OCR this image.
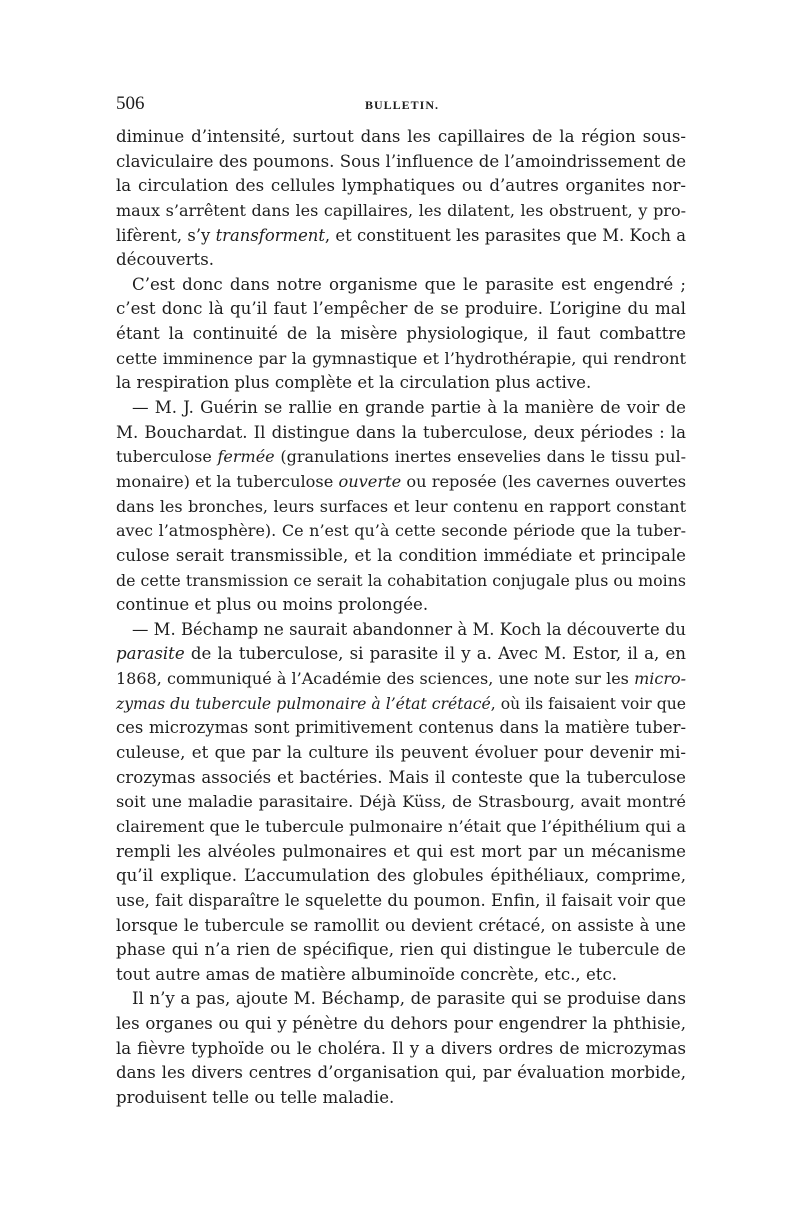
506	BULLETIN.
diminue d’intensité, surtout dans les capillaires de la région sous-
claviculaire des poumons. Sous l’influence de l’amoindrissement de
la circulation des cellules lymphatiques ou d’autres organites nor-
maux s’arrêtent dans les capillaires, les dilatent, les obstruent, y pro-
lifèrent, s’y transforment, et constituent les parasites que M. Koch a
découverts.
C’est donc dans notre organisme que le parasite est engendré ;
c’est donc là qu’il faut l’empêcher de se produire. L’origine du mal
étant la continuité de la misère physiologique, il faut combattre
cette imminence par la gymnastique et l’hydrothérapie, qui rendront
la respiration plus complète et la circulation plus active.
— M. J. Guérin se rallie en grande partie à la manière de voir de
M. Bouchardat. Il distingue dans la tuberculose, deux périodes : la
tuberculose fermée (granulations inertes ensevelies dans le tissu pul-
monaire) et la tuberculose ouverte ou reposée (les cavernes ouvertes
dans les bronches, leurs surfaces et leur contenu en rapport constant
avec l’atmosphère). Ce n’est qu’à cette seconde période que la tuber-
culose serait transmissible, et la condition immédiate et principale
de cette transmission ce serait la cohabitation conjugale plus ou moins
continue et plus ou moins prolongée.
— M. Béchamp ne saurait abandonner à M. Koch la découverte du
parasite de la tuberculose, si parasite il y a. Avec M. Estor, il a, en
1868, communiqué à l’Académie des sciences, une note sur les micro-
zymas du tubercule pulmonaire à l’état crétacé, où ils faisaient voir que
ces microzymas sont primitivement contenus dans la matière tuber-
culeuse, et que par la culture ils peuvent évoluer pour devenir mi-
crozymas associés et bactéries. Mais il conteste que la tuberculose
soit une maladie parasitaire. Déjà Küss, de Strasbourg, avait montré
clairement que le tubercule pulmonaire n’était que l’épithélium qui a
rempli les alvéoles pulmonaires et qui est mort par un mécanisme
qu’il explique. L’accumulation des globules épithéliaux, comprime,
use, fait disparaître le squelette du poumon. Enfin, il faisait voir que
lorsque le tubercule se ramollit ou devient crétacé, on assiste à une
phase qui n’a rien de spécifique, rien qui distingue le tubercule de
tout autre amas de matière albuminoïde concrète, etc., etc.
Il n’y a pas, ajoute M. Béchamp, de parasite qui se produise dans
les organes ou qui y pénètre du dehors pour engendrer la phthisie,
la fièvre typhoïde ou le choléra. Il y a divers ordres de microzymas
dans les divers centres d’organisation qui, par évaluation morbide,
produisent telle ou telle maladie.
